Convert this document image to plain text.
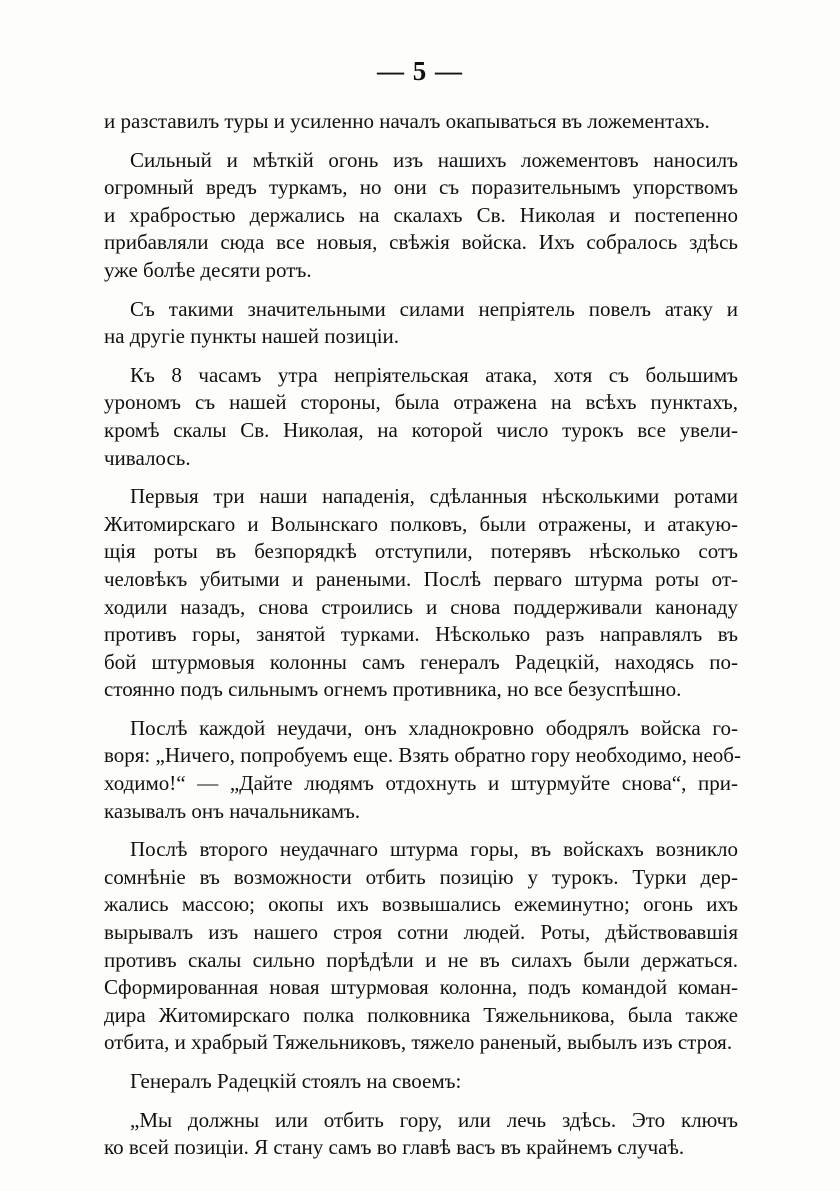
— 5 —
и разставилъ туры и усиленно началъ окапываться въ ложементахъ.
Сильный и мѣткій огонь изъ нашихъ ложементовъ наносилъ
огромный вредъ туркамъ, но они съ поразительнымъ упорствомъ
и храбростью держались на скалахъ Св. Николая и постепенно
прибавляли сюда все новыя, свѣжія войска. Ихъ собралось здѣсь
уже болѣе десяти ротъ.
Съ такими значительными силами непріятель повелъ атаку и
на другіе пункты нашей позиціи.
Къ 8 часамъ утра непріятельская атака, хотя съ большимъ
урономъ съ нашей стороны, была отражена на всѣхъ пунктахъ,
кромѣ скалы Св. Николая, на которой число турокъ все увели-
чивалось.
Первыя три наши нападенія, сдѣланныя нѣсколькими ротами
Житомирскаго и Волынскаго полковъ, были отражены, и атакую-
щія роты въ безпорядкѣ отступили, потерявъ нѣсколько сотъ
человѣкъ убитыми и ранеными. Послѣ перваго штурма роты от-
ходили назадъ, снова строились и снова поддерживали канонаду
противъ горы, занятой турками. Нѣсколько разъ направлялъ въ
бой штурмовыя колонны самъ генералъ Радецкій, находясь по-
стоянно подъ сильнымъ огнемъ противника, но все безуспѣшно.
Послѣ каждой неудачи, онъ хладнокровно ободрялъ войска го-
воря: „Ничего, попробуемъ еще. Взять обратно гору необходимо, необ-
ходимо!“ — „Дайте людямъ отдохнуть и штурмуйте снова“, при-
казывалъ онъ начальникамъ.
Послѣ второго неудачнаго штурма горы, въ войскахъ возникло
сомнѣніе въ возможности отбить позицію у турокъ. Турки дер-
жались массою; окопы ихъ возвышались ежеминутно; огонь ихъ
вырывалъ изъ нашего строя сотни людей. Роты, дѣйствовавшія
противъ скалы сильно порѣдѣли и не въ силахъ были держаться.
Сформированная новая штурмовая колонна, подъ командой коман-
дира Житомирскаго полка полковника Тяжельникова, была также
отбита, и храбрый Тяжельниковъ, тяжело раненый, выбылъ изъ строя.
Генералъ Радецкій стоялъ на своемъ:
„Мы должны или отбить гору, или лечь здѣсь. Это ключъ
ко всей позиціи. Я стану самъ во главѣ васъ въ крайнемъ случаѣ.
